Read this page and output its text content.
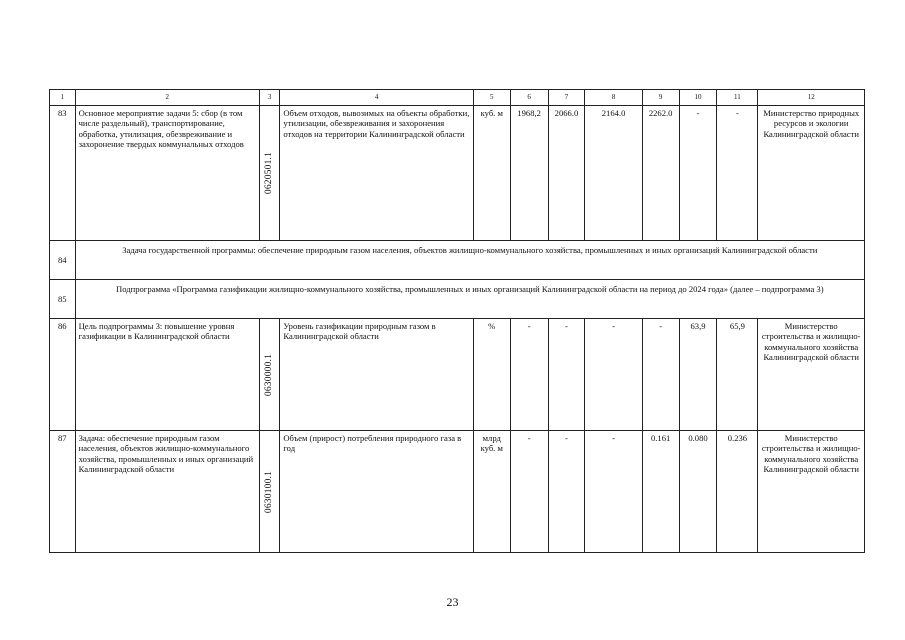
1	2	3	4	5	6	7	8	9	10	11	12
83	Основное мероприятие задачи 5: сбор (в том числе раздельный), транспортирование, обработка, утилизация, обезвреживание и захоронение твердых коммунальных отходов	0620501.1	Объем отходов, вывозимых на объекты обработки, утилизации, обезвреживания и захоронения отходов на территории Калининградской области	куб. м	1968,2	2066.0	2164.0	2262.0	-	-	Министерство природных ресурсов и экологии Калининградской области
84	Задача государственной программы: обеспечение природным газом населения, объектов жилищно-коммунального хозяйства, промышленных и иных организаций Калининградской области										
85	Подпрограмма «Программа газификации жилищно-коммунального хозяйства, промышленных и иных организаций Калининградской области на период до 2024 года» (далее – подпрограмма 3)										
86	Цель подпрограммы 3: повышение уровня газификации в Калининградской области	0630000.1	Уровень газификации природным газом в Калининградской области	%	-	-	-	-	63,9	65,9	Министерство строительства и жилищно-коммунального хозяйства Калининградской области
87	Задача: обеспечение природным газом населения, объектов жилищно-коммунального хозяйства, промышленных и иных организаций Калининградской области	0630100.1	Объем (прирост) потребления природного газа в год	млрд куб. м	-	-	-	0.161	0.080	0.236	Министерство строительства и жилищно-коммунального хозяйства Калининградской области
23
